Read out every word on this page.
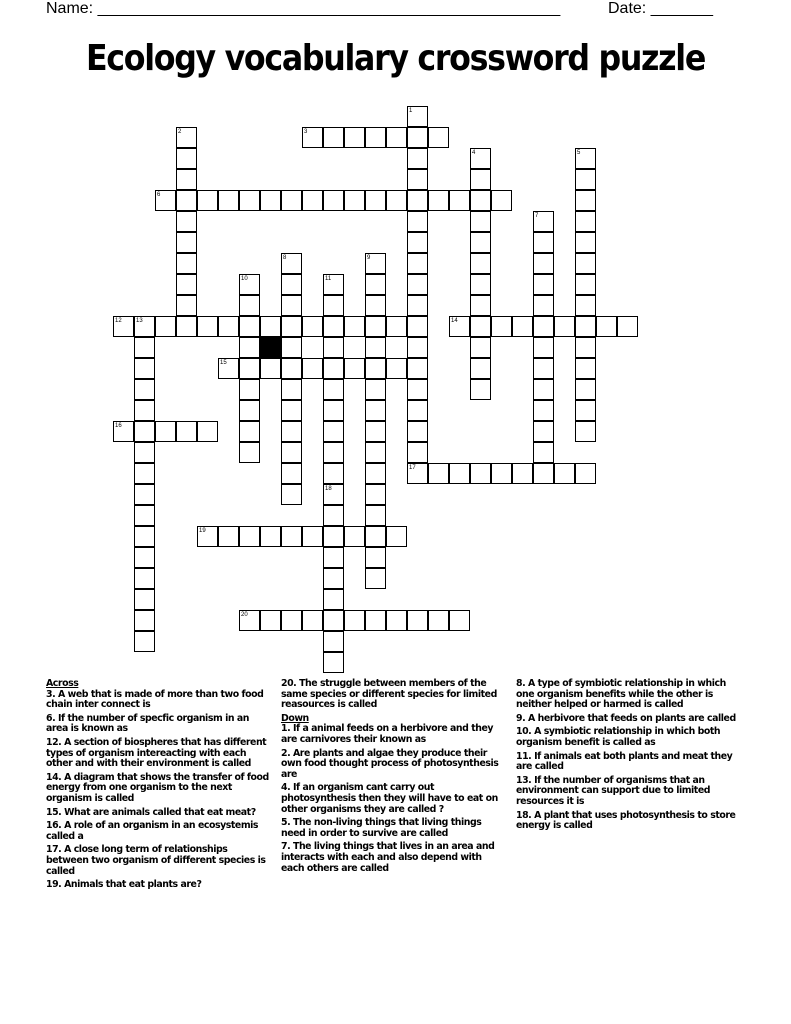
Name: ____________________________________________________	Date: _______
Ecology vocabulary crossword puzzle
1
2	3
4	5
6
7
8	9
10	11
12 13	14
15
16
17
18
19
20
Across
3. A web that is made of more than two food chain inter connect is
6. If the number of specfic organism in an area is known as
12. A section of biospheres that has different types of organism intereacting with each other and with their environment is called
14. A diagram that shows the transfer of food energy from one organism to the next organism is called
15. What are animals called that eat meat?
16. A role of an organism in an ecosystemis called a
17. A close long term of relationships between two organism of different species is called
19. Animals that eat plants are?
20. The struggle between members of the same species or different species for limited reasources is called
Down
1. If a animal feeds on a herbivore and they are carnivores their known as
2. Are plants and algae they produce their own food thought process of photosynthesis are
4. If an organism cant carry out photosynthesis then they will have to eat on other organisms they are called ?
5. The non-living things that living things need in order to survive are called
7. The living things that lives in an area and interacts with each and also depend with each others are called
8. A type of symbiotic relationship in which one organism benefits while the other is neither helped or harmed is called
9. A herbivore that feeds on plants are called
10. A symbiotic relationship in which both organism benefit is called as
11. If animals eat both plants and meat they are called
13. If the number of organisms that an environment can support due to limited resources it is
18. A plant that uses photosynthesis to store energy is called
